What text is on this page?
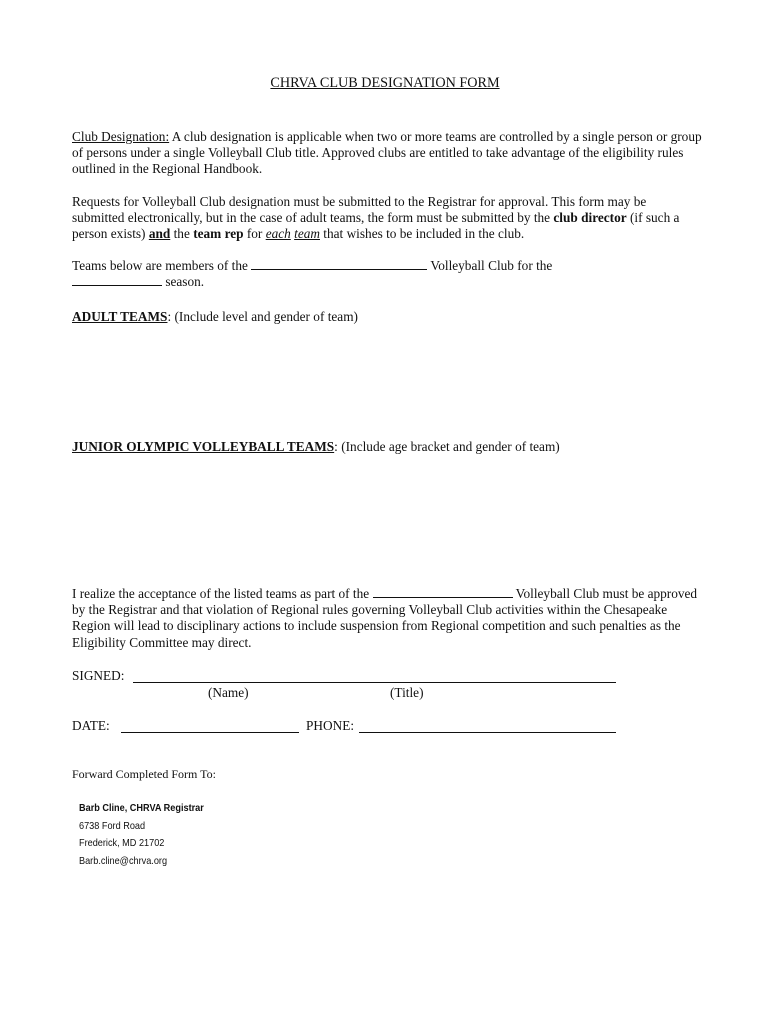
CHRVA CLUB DESIGNATION FORM

Club Designation: A club designation is applicable when two or more teams are controlled by a single person or group of persons under a single Volleyball Club title. Approved clubs are entitled to take advantage of the eligibility rules outlined in the Regional Handbook.

Requests for Volleyball Club designation must be submitted to the Registrar for approval. This form may be submitted electronically, but in the case of adult teams, the form must be submitted by the club director (if such a person exists) and the team rep for each team that wishes to be included in the club.

Teams below are members of the	Volleyball Club for the
season.

ADULT TEAMS: (Include level and gender of team)

JUNIOR OLYMPIC VOLLEYBALL TEAMS: (Include age bracket and gender of team)

I realize the acceptance of the listed teams as part of the	Volleyball Club must be approved by the Registrar and that violation of Regional rules governing Volleyball Club activities within the Chesapeake Region will lead to disciplinary actions to include suspension from Regional competition and such penalties as the Eligibility Committee may direct.

SIGNED:
(Name)	(Title)
DATE:	PHONE:
Forward Completed Form To:
Barb Cline, CHRVA Registrar
6738 Ford Road
Frederick, MD 21702
Barb.cline@chrva.org
